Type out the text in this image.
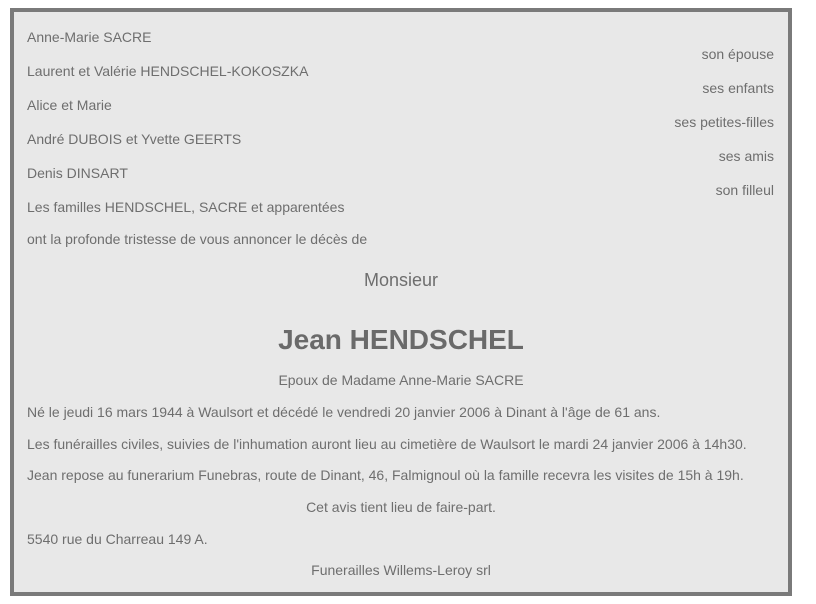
Anne-Marie SACRE
Laurent et Valérie HENDSCHEL-KOKOSZKA
Alice et Marie
André DUBOIS et Yvette GEERTS
Denis DINSART
Les familles HENDSCHEL, SACRE et apparentées
son épouse
ses enfants
ses petites-filles
ses amis
son filleul
ont la profonde tristesse de vous annoncer le décès de
Monsieur
Jean HENDSCHEL
Epoux de Madame Anne-Marie SACRE
Né le jeudi 16 mars 1944 à Waulsort et décédé le vendredi 20 janvier 2006 à Dinant à l'âge de 61 ans.
Les funérailles civiles, suivies de l'inhumation auront lieu au cimetière de Waulsort le mardi 24 janvier 2006 à 14h30.
Jean repose au funerarium Funebras, route de Dinant, 46, Falmignoul où la famille recevra les visites de 15h à 19h.
Cet avis tient lieu de faire-part.
5540 rue du Charreau 149 A.
Funerailles Willems-Leroy srl
